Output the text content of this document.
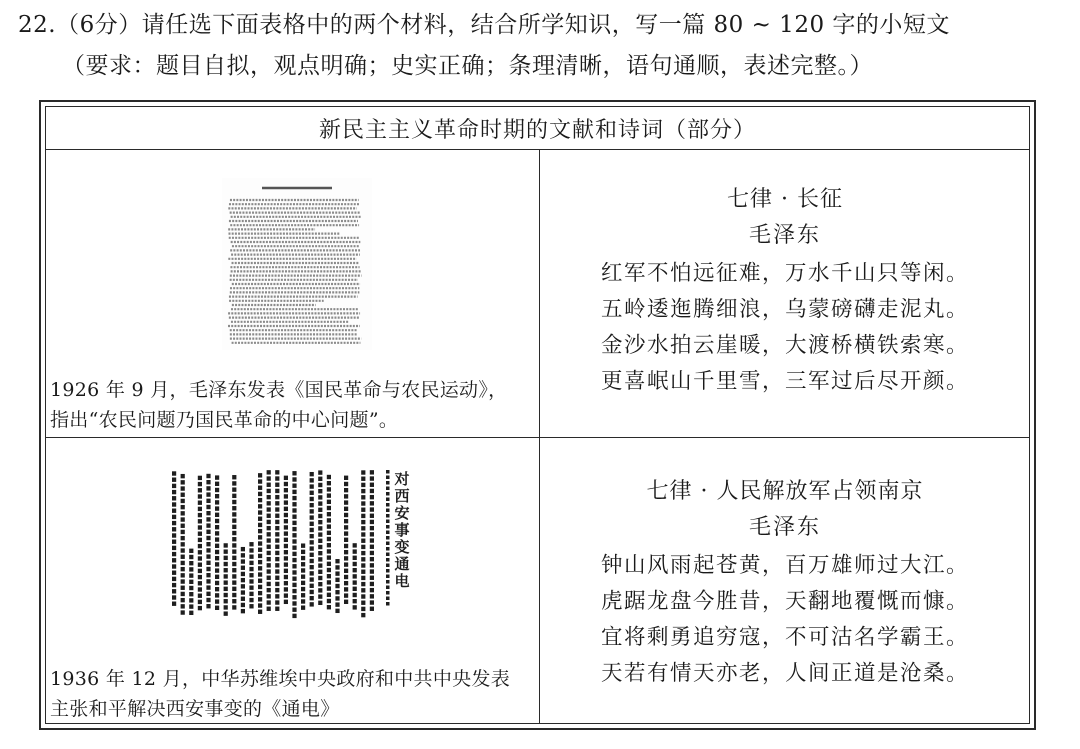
22.（6分）请任选下面表格中的两个材料，结合所学知识，写一篇 80 ~ 120 字的小短文
（要求：题目自拟，观点明确；史实正确；条理清晰，语句通顺，表述完整。）
新民主主义革命时期的文献和诗词（部分）
1926 年 9 月，毛泽东发表《国民革命与农民运动》，指出“农民问题乃国民革命的中心问题”。
七律 · 长征
毛泽东
红军不怕远征难，万水千山只等闲。
五岭逶迤腾细浪，乌蒙磅礴走泥丸。
金沙水拍云崖暖，大渡桥横铁索寒。
更喜岷山千里雪，三军过后尽开颜。
对
西
安
事
变
通
电
1936 年 12 月，中华苏维埃中央政府和中共中央发表主张和平解决西安事变的《通电》
七律 · 人民解放军占领南京
毛泽东
钟山风雨起苍黄，百万雄师过大江。
虎踞龙盘今胜昔，天翻地覆慨而慷。
宜将剩勇追穷寇，不可沽名学霸王。
天若有情天亦老，人间正道是沧桑。
